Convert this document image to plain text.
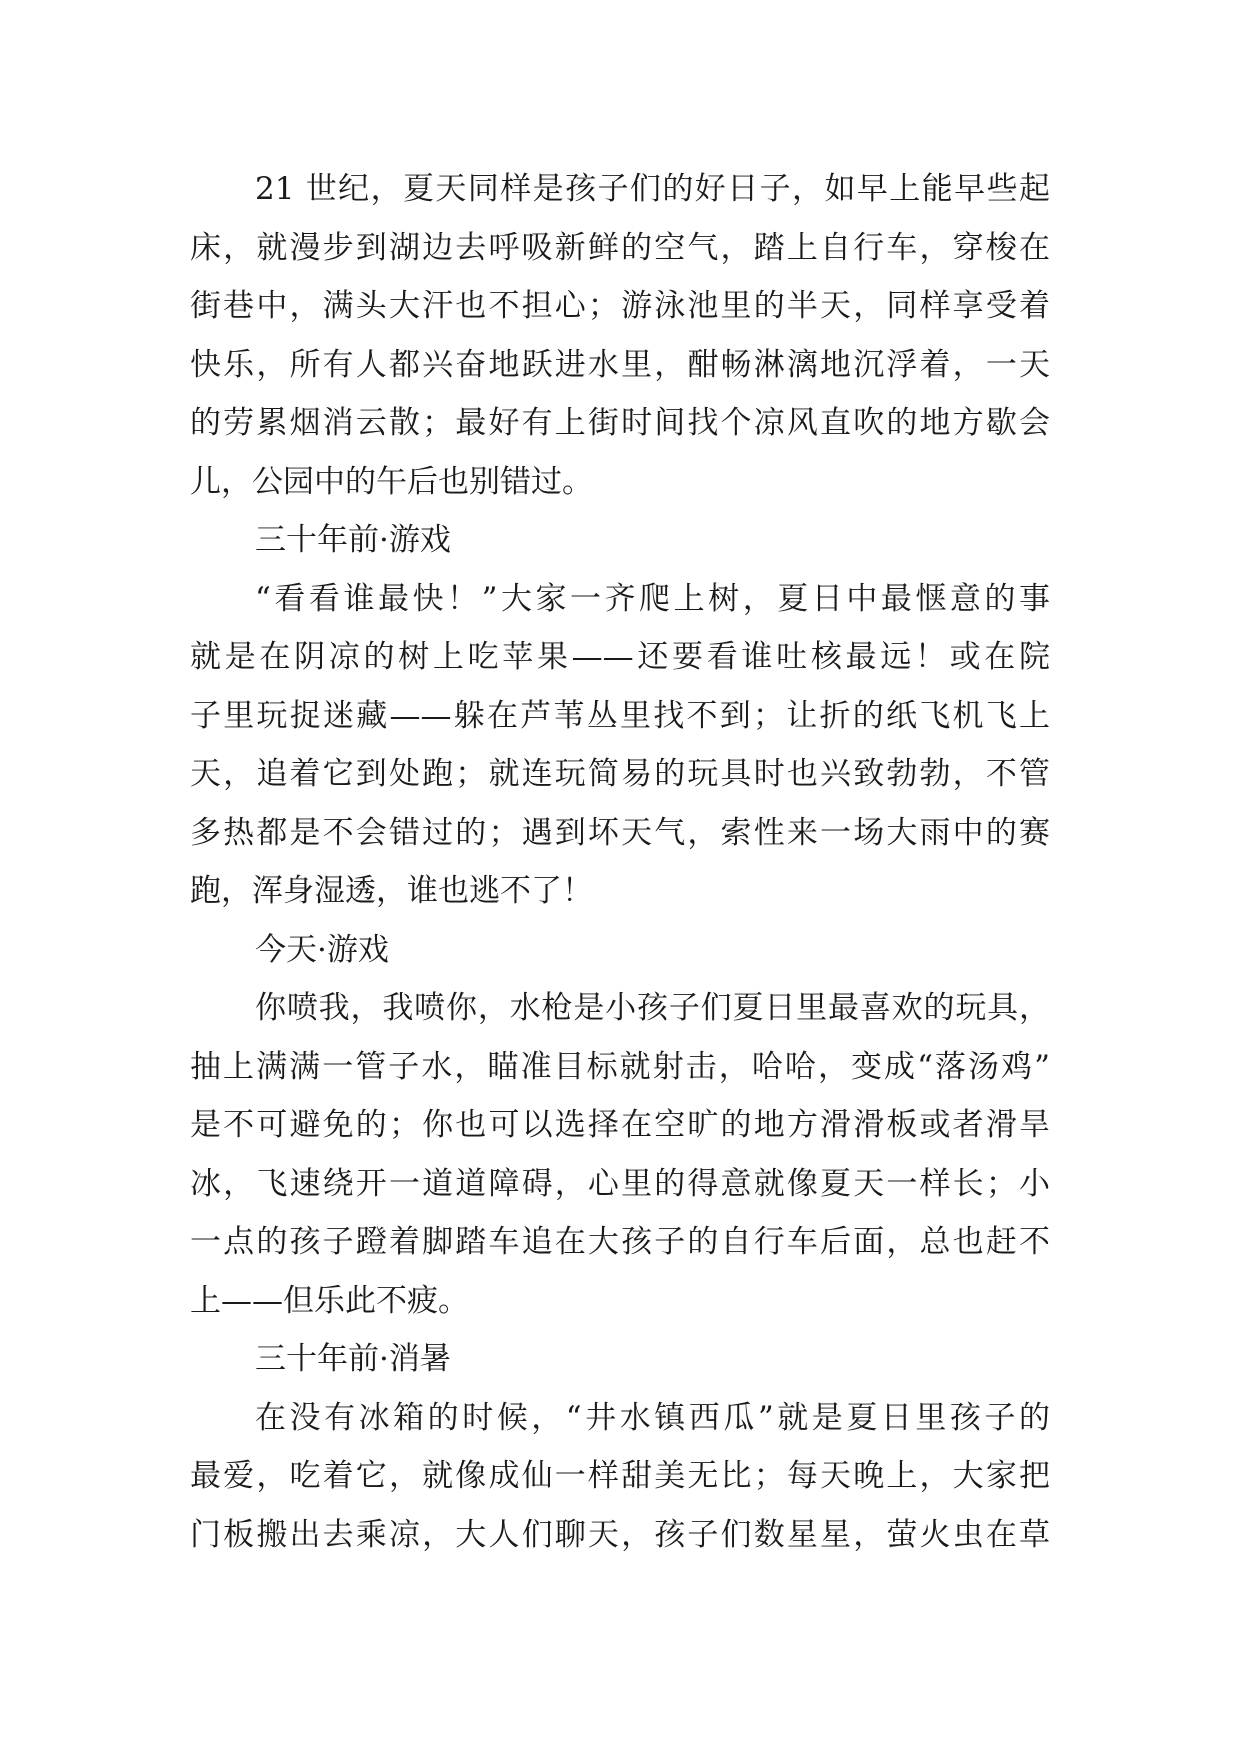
21 世纪，夏天同样是孩子们的好日子，如早上能早些起
床，就漫步到湖边去呼吸新鲜的空气，踏上自行车，穿梭在
街巷中，满头大汗也不担心；游泳池里的半天，同样享受着
快乐，所有人都兴奋地跃进水里，酣畅淋漓地沉浮着，一天
的劳累烟消云散；最好有上街时间找个凉风直吹的地方歇会
儿，公园中的午后也别错过。
三十年前·游戏
“看看谁最快！”大家一齐爬上树，夏日中最惬意的事
就是在阴凉的树上吃苹果——还要看谁吐核最远！或在院
子里玩捉迷藏——躲在芦苇丛里找不到；让折的纸飞机飞上
天，追着它到处跑；就连玩简易的玩具时也兴致勃勃，不管
多热都是不会错过的；遇到坏天气，索性来一场大雨中的赛
跑，浑身湿透，谁也逃不了！
今天·游戏
你喷我，我喷你，水枪是小孩子们夏日里最喜欢的玩具，
抽上满满一管子水，瞄准目标就射击，哈哈，变成“落汤鸡”
是不可避免的；你也可以选择在空旷的地方滑滑板或者滑旱
冰，飞速绕开一道道障碍，心里的得意就像夏天一样长；小
一点的孩子蹬着脚踏车追在大孩子的自行车后面，总也赶不
上——但乐此不疲。
三十年前·消暑
在没有冰箱的时候，“井水镇西瓜”就是夏日里孩子的
最爱，吃着它，就像成仙一样甜美无比；每天晚上，大家把
门板搬出去乘凉，大人们聊天，孩子们数星星，萤火虫在草
